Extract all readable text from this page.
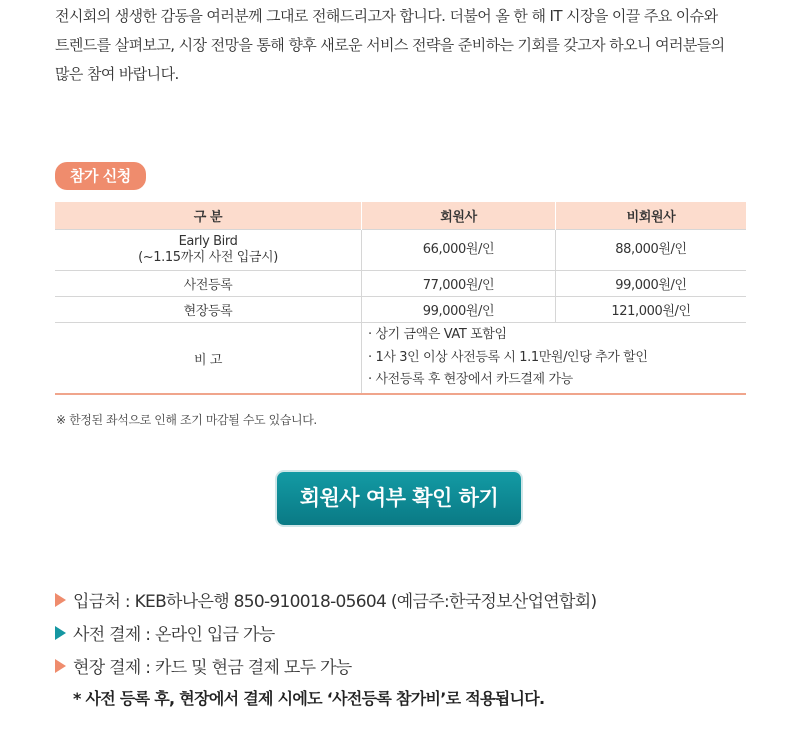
전시회의 생생한 감동을 여러분께 그대로 전해드리고자 합니다. 더불어 올 한 해 IT 시장을 이끌 주요 이슈와
트렌드를 살펴보고, 시장 전망을 통해 향후 새로운 서비스 전략을 준비하는 기회를 갖고자 하오니 여러분들의
많은 참여 바랍니다.
참가 신청
구 분	회원사	비회원사

Early Bird
(~1.15까지 사전 입금시)	66,000원/인	88,000원/인
사전등록	77,000원/인	99,000원/인
현장등록	99,000원/인	121,000원/인
비 고	· 상기 금액은 VAT 포함임
· 1사 3인 이상 사전등록 시 1.1만원/인당 추가 할인
· 사전등록 후 현장에서 카드결제 가능	
※ 한정된 좌석으로 인해 조기 마감될 수도 있습니다.
회원사 여부 확인 하기
입금처 : KEB하나은행 850-910018-05604 (예금주:한국정보산업연합회)
사전 결제 : 온라인 입금 가능
현장 결제 : 카드 및 현금 결제 모두 가능
* 사전 등록 후, 현장에서 결제 시에도 ‘사전등록 참가비’로 적용됩니다.
